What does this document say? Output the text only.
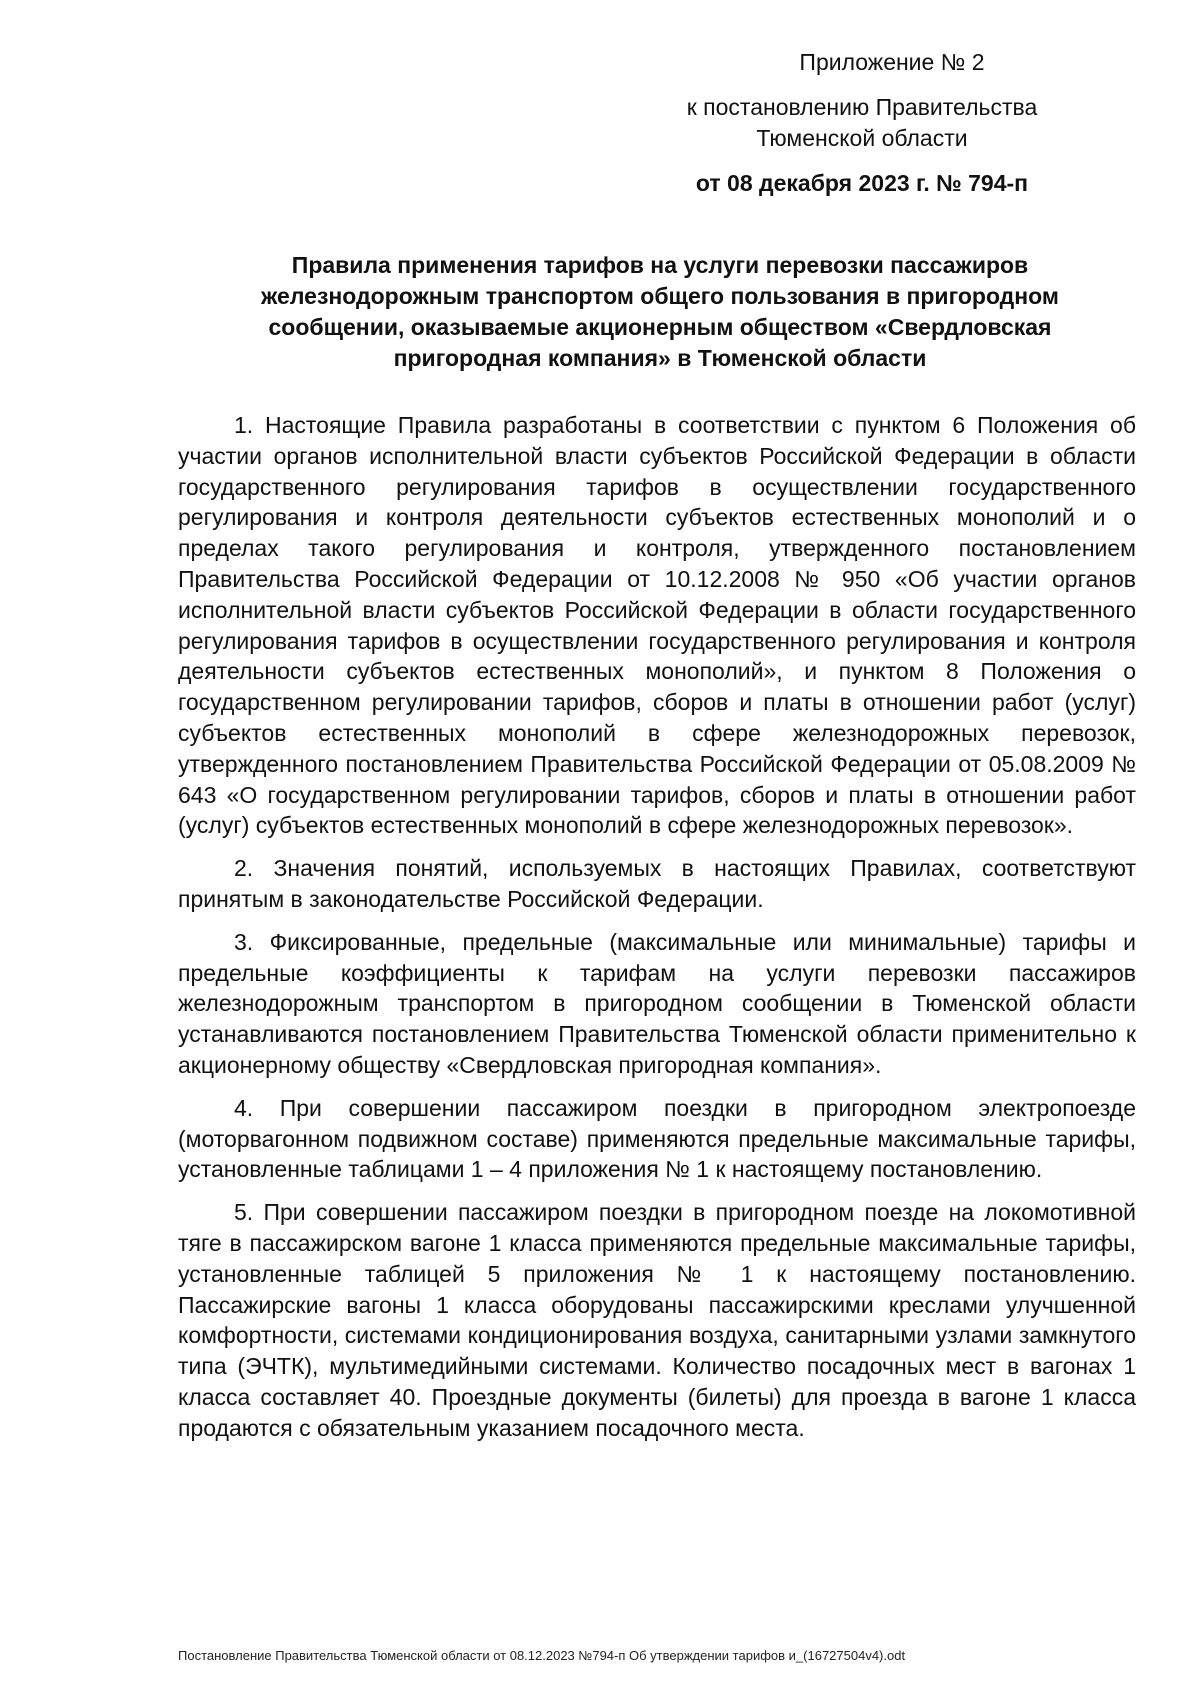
Приложение № 2
к постановлению Правительства
Тюменской области
от 08 декабря 2023 г. № 794-п
Правила применения тарифов на услуги перевозки пассажиров железнодорожным транспортом общего пользования в пригородном сообщении, оказываемые акционерным обществом «Свердловская пригородная компания» в Тюменской области

1. Настоящие Правила разработаны в соответствии с пунктом 6 Положения об участии органов исполнительной власти субъектов Российской Федерации в области государственного регулирования тарифов в осуществлении государственного регулирования и контроля деятельности субъектов естественных монополий и о пределах такого регулирования и контроля, утвержденного постановлением Правительства Российской Федерации от 10.12.2008 № 950 «Об участии органов исполнительной власти субъектов Российской Федерации в области государственного регулирования тарифов в осуществлении государственного регулирования и контроля деятельности субъектов естественных монополий», и пунктом 8 Положения о государственном регулировании тарифов, сборов и платы в отношении работ (услуг) субъектов естественных монополий в сфере железнодорожных перевозок, утвержденного постановлением Правительства Российской Федерации от 05.08.2009 № 643 «О государственном регулировании тарифов, сборов и платы в отношении работ (услуг) субъектов естественных монополий в сфере железнодорожных перевозок».

2. Значения понятий, используемых в настоящих Правилах, соответствуют принятым в законодательстве Российской Федерации.

3. Фиксированные, предельные (максимальные или минимальные) тарифы и предельные коэффициенты к тарифам на услуги перевозки пассажиров железнодорожным транспортом в пригородном сообщении в Тюменской области устанавливаются постановлением Правительства Тюменской области применительно к акционерному обществу «Свердловская пригородная компания».

4. При совершении пассажиром поездки в пригородном электропоезде (моторвагонном подвижном составе) применяются предельные максимальные тарифы, установленные таблицами 1 – 4 приложения № 1 к настоящему постановлению.

5. При совершении пассажиром поездки в пригородном поезде на локомотивной тяге в пассажирском вагоне 1 класса применяются предельные максимальные тарифы, установленные таблицей 5 приложения № 1 к настоящему постановлению. Пассажирские вагоны 1 класса оборудованы пассажирскими креслами улучшенной комфортности, системами кондиционирования воздуха, санитарными узлами замкнутого типа (ЭЧТК), мультимедийными системами. Количество посадочных мест в вагонах 1 класса составляет 40. Проездные документы (билеты) для проезда в вагоне 1 класса продаются с обязательным указанием посадочного места.

Постановление Правительства Тюменской области от 08.12.2023 №794-п Об утверждении тарифов и_(16727504v4).odt
